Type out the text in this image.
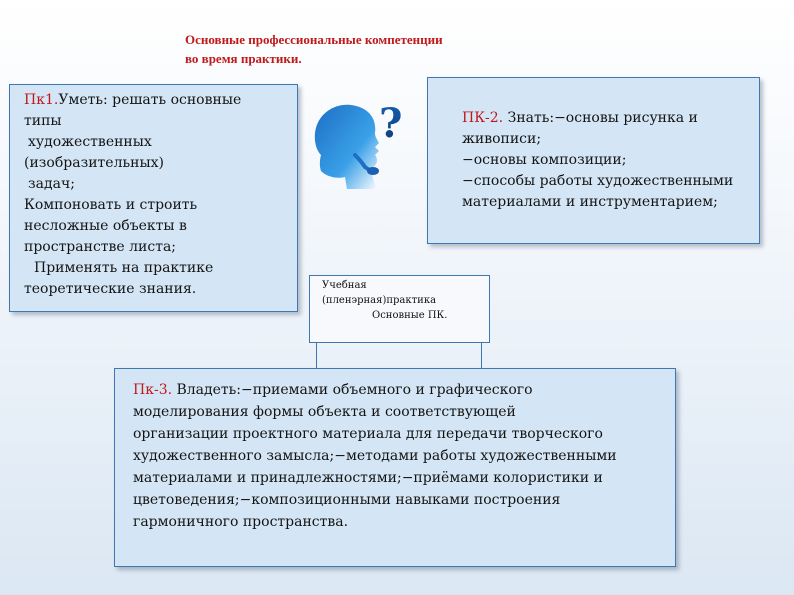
Основные профессиональные компетенции
во время практики.
Пк1.Уметь: решать основные
типы
художественных
(изобразительных)
задач;
Компоновать и строить
несложные объекты в
пространстве листа;
Применять на практике
теоретические знания.
?	ПК-2. Знать:−основы рисунка и
живописи;
−основы композиции;
−способы работы художественными
материалами и инструментарием;
Учебная
(пленэрная)практика
Основные ПК.
Пк-3. Владеть:−приемами объемного и графического
моделирования формы объекта и соответствующей
организации проектного материала для передачи творческого
художественного замысла;−методами работы художественными
материалами и принадлежностями;−приёмами колористики и
цветоведения;−композиционными навыками построения
гармоничного пространства.
